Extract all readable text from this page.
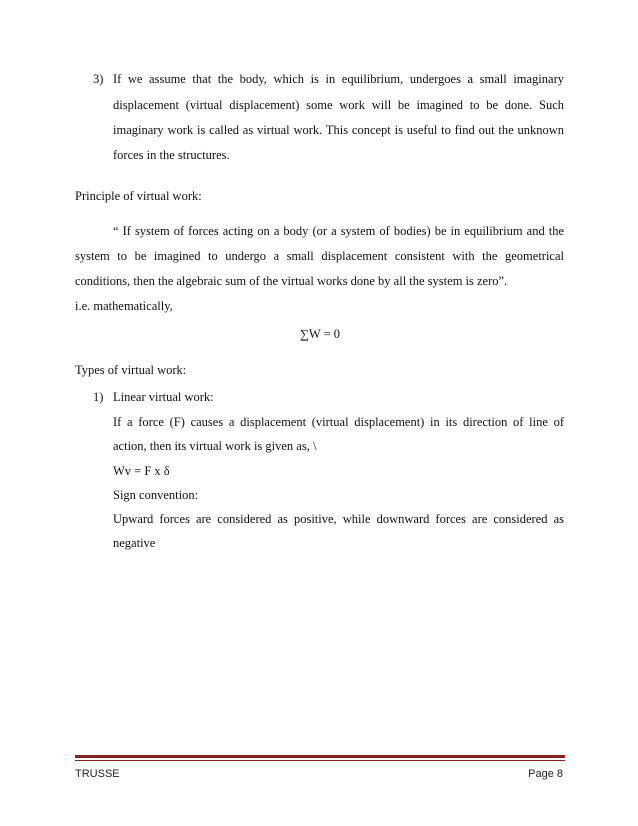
3) If we assume that the body, which is in equilibrium, undergoes a small imaginary
displacement (virtual displacement) some work will be imagined to be done. Such
imaginary work is called as virtual work. This concept is useful to find out the unknown
forces in the structures.
Principle of virtual work:
“ If system of forces acting on a body (or a system of bodies) be in equilibrium and the
system to be imagined to undergo a small displacement consistent with the geometrical
conditions, then the algebraic sum of the virtual works done by all the system is zero”.
i.e. mathematically,
∑W = 0
Types of virtual work:
1) Linear virtual work:
If a force (F) causes a displacement (virtual displacement) in its direction of line of
action, then its virtual work is given as, \
Wv = F x δ
Sign convention:
Upward forces are considered as positive, while downward forces are considered as
negative
TRUSSE	Page 8
